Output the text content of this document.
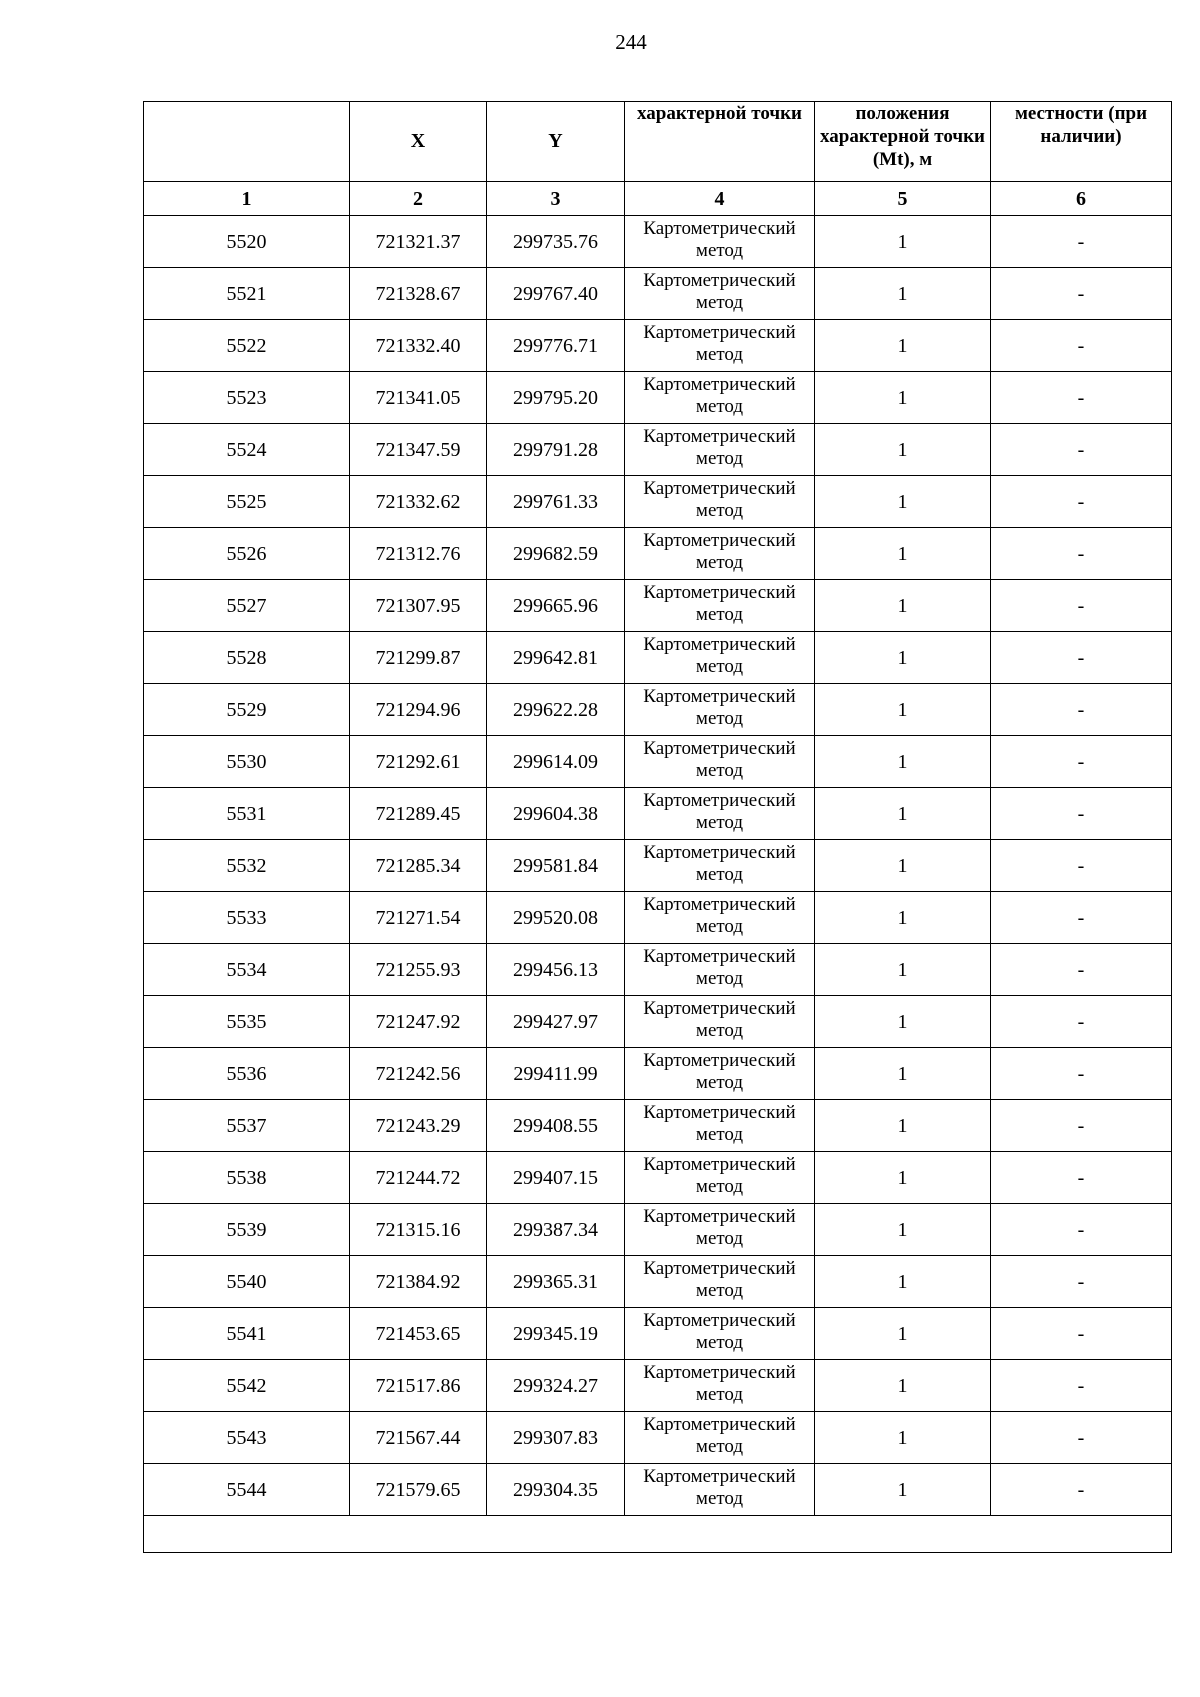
244
	X	Y	характерной точки	положения характерной точки (Mt), м	местности (при наличии)
1	2	3	4	5	6
5520	721321.37	299735.76	Картометрический метод	1	-
5521	721328.67	299767.40	Картометрический метод	1	-
5522	721332.40	299776.71	Картометрический метод	1	-
5523	721341.05	299795.20	Картометрический метод	1	-
5524	721347.59	299791.28	Картометрический метод	1	-
5525	721332.62	299761.33	Картометрический метод	1	-
5526	721312.76	299682.59	Картометрический метод	1	-
5527	721307.95	299665.96	Картометрический метод	1	-
5528	721299.87	299642.81	Картометрический метод	1	-
5529	721294.96	299622.28	Картометрический метод	1	-
5530	721292.61	299614.09	Картометрический метод	1	-
5531	721289.45	299604.38	Картометрический метод	1	-
5532	721285.34	299581.84	Картометрический метод	1	-
5533	721271.54	299520.08	Картометрический метод	1	-
5534	721255.93	299456.13	Картометрический метод	1	-
5535	721247.92	299427.97	Картометрический метод	1	-
5536	721242.56	299411.99	Картометрический метод	1	-
5537	721243.29	299408.55	Картометрический метод	1	-
5538	721244.72	299407.15	Картометрический метод	1	-
5539	721315.16	299387.34	Картометрический метод	1	-
5540	721384.92	299365.31	Картометрический метод	1	-
5541	721453.65	299345.19	Картометрический метод	1	-
5542	721517.86	299324.27	Картометрический метод	1	-
5543	721567.44	299307.83	Картометрический метод	1	-
5544	721579.65	299304.35	Картометрический метод	1	-
